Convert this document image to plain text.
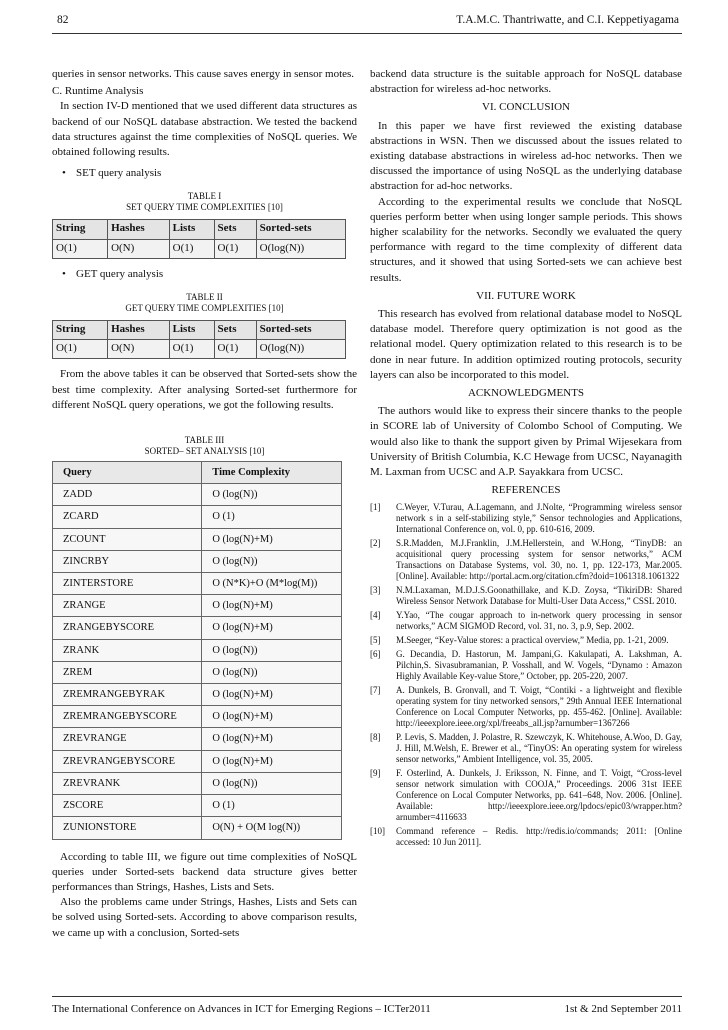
82	T.A.M.C. Thantriwatte, and C.I. Keppetiyagama

queries in sensor networks. This cause saves energy in sensor motes.

C. Runtime Analysis

In section IV-D mentioned that we used different data structures as backend of our NoSQL database abstraction. We tested the backend data structures against the time complexities of NoSQL queries. We obtained following results.

• SET query analysis
TABLE I
SET QUERY TIME COMPLEXITIES [10]
String	Hashes	Lists	Sets	Sorted-sets
O(1)	O(N)	O(1)	O(1)	O(log(N))
• GET query analysis
TABLE II
GET QUERY TIME COMPLEXITIES [10]
String	Hashes	Lists	Sets	Sorted-sets
O(1)	O(N)	O(1)	O(1)	O(log(N))

From the above tables it can be observed that Sorted-sets show the best time complexity. After analysing Sorted-set furthermore for different NoSQL query operations, we got the following results.

TABLE III
SORTED– SET ANALYSIS [10]
Query	Time Complexity
ZADD	O (log(N))
ZCARD	O (1)
ZCOUNT	O (log(N)+M)
ZINCRBY	O (log(N))
ZINTERSTORE	O (N*K)+O (M*log(M))
ZRANGE	O (log(N)+M)
ZRANGEBYSCORE	O (log(N)+M)
ZRANK	O (log(N))
ZREM	O (log(N))
ZREMRANGEBYRAK	O (log(N)+M)
ZREMRANGEBYSCORE	O (log(N)+M)
ZREVRANGE	O (log(N)+M)
ZREVRANGEBYSCORE	O (log(N)+M)
ZREVRANK	O (log(N))
ZSCORE	O (1)
ZUNIONSTORE	O(N) + O(M log(N))

According to table III, we figure out time complexities of NoSQL queries under Sorted-sets backend data structure gives better performances than Strings, Hashes, Lists and Sets.

Also the problems came under Strings, Hashes, Lists and Sets can be solved using Sorted-sets. According to above comparison results, we came up with a conclusion, Sorted-sets

backend data structure is the suitable approach for NoSQL database abstraction for wireless ad-hoc networks.

VI. CONCLUSION

In this paper we have first reviewed the existing database abstractions in WSN. Then we discussed about the issues related to existing database abstractions in wireless ad-hoc networks. Then we discussed the importance of using NoSQL as the underlying database abstraction for ad-hoc networks.

According to the experimental results we conclude that NoSQL queries perform better when using longer sample periods. This shows higher scalability for the networks. Secondly we evaluated the query performance with regard to the time complexity of different data structures, and it showed that using Sorted-sets we can achieve best results.

VII. FUTURE WORK

This research has evolved from relational database model to NoSQL database model. Therefore query optimization is not good as the relational model. Query optimization related to this research is to be done in near future. In addition optimized routing protocols, security layers can also be incorporated to this model.

ACKNOWLEDGMENTS

The authors would like to express their sincere thanks to the people in SCORE lab of University of Colombo School of Computing. We would also like to thank the support given by Primal Wijesekara from University of British Columbia, K.C Hewage from UCSC, Nayanagith M. Laxman from UCSC and A.P. Sayakkara from UCSC.

REFERENCES

[1]	C.Weyer, V.Turau, A.Lagemann, and J.Nolte, “Programming wireless sensor network s in a self-stabilizing style,” Sensor technologies and Applications, International Conference on, vol. 0, pp. 610-616, 2009.
[2]	S.R.Madden, M.J.Franklin, J.M.Hellerstein, and W.Hong, “TinyDB: an acquisitional query processing system for sensor networks,” ACM Transactions on Database Systems, vol. 30, no. 1, pp. 122-173, Mar.2005. [Online]. Available: http://portal.acm.org/citation.cfm?doid=1061318.1061322
[3]	N.M.Laxaman, M.D.J.S.Goonathillake, and K.D. Zoysa, “TikiriDB: Shared Wireless Sensor Network Database for Multi-User Data Access,” CSSL 2010.
[4]	Y.Yao, “The cougar approach to in-network query processing in sensor networks,” ACM SIGMOD Record, vol. 31, no. 3, p.9, Sep. 2002.
[5]	M.Seeger, “Key-Value stores: a practical overview,” Media, pp. 1-21, 2009.
[6]	G. Decandia, D. Hastorun, M. Jampani,G. Kakulapati, A. Lakshman, A. Pilchin,S. Sivasubramanian, P. Vosshall, and W. Vogels, “Dynamo : Amazon Highly Available Key-value Store,” October, pp. 205-220, 2007.
[7]	A. Dunkels, B. Gronvall, and T. Voigt, “Contiki - a lightweight and flexible operating system for tiny networked sensors,” 29th Annual IEEE International Conference on Local Computer Networks, pp. 455-462. [Online]. Available: http://ieeexplore.ieee.org/xpl/freeabs_all.jsp?arnumber=1367266
[8]	P. Levis, S. Madden, J. Polastre, R. Szewczyk, K. Whitehouse, A.Woo, D. Gay, J. Hill, M.Welsh, E. Brewer et al., “TinyOS: An operating system for wireless sensor networks,” Ambient Intelligence, vol. 35, 2005.
[9]	F. Osterlind, A. Dunkels, J. Eriksson, N. Finne, and T. Voigt, “Cross-level sensor network simulation with COOJA,” Proceedings. 2006 31st IEEE Conference on Local Computer Networks, pp. 641–648, Nov. 2006. [Online]. Available: http://ieeexplore.ieee.org/lpdocs/epic03/wrapper.htm?arnumber=4116633
[10]	Command reference – Redis. http://redis.io/commands; 2011: [Online accessed: 10 Jun 2011].
The International Conference on Advances in ICT for Emerging Regions – ICTer2011	1st & 2nd September 2011
